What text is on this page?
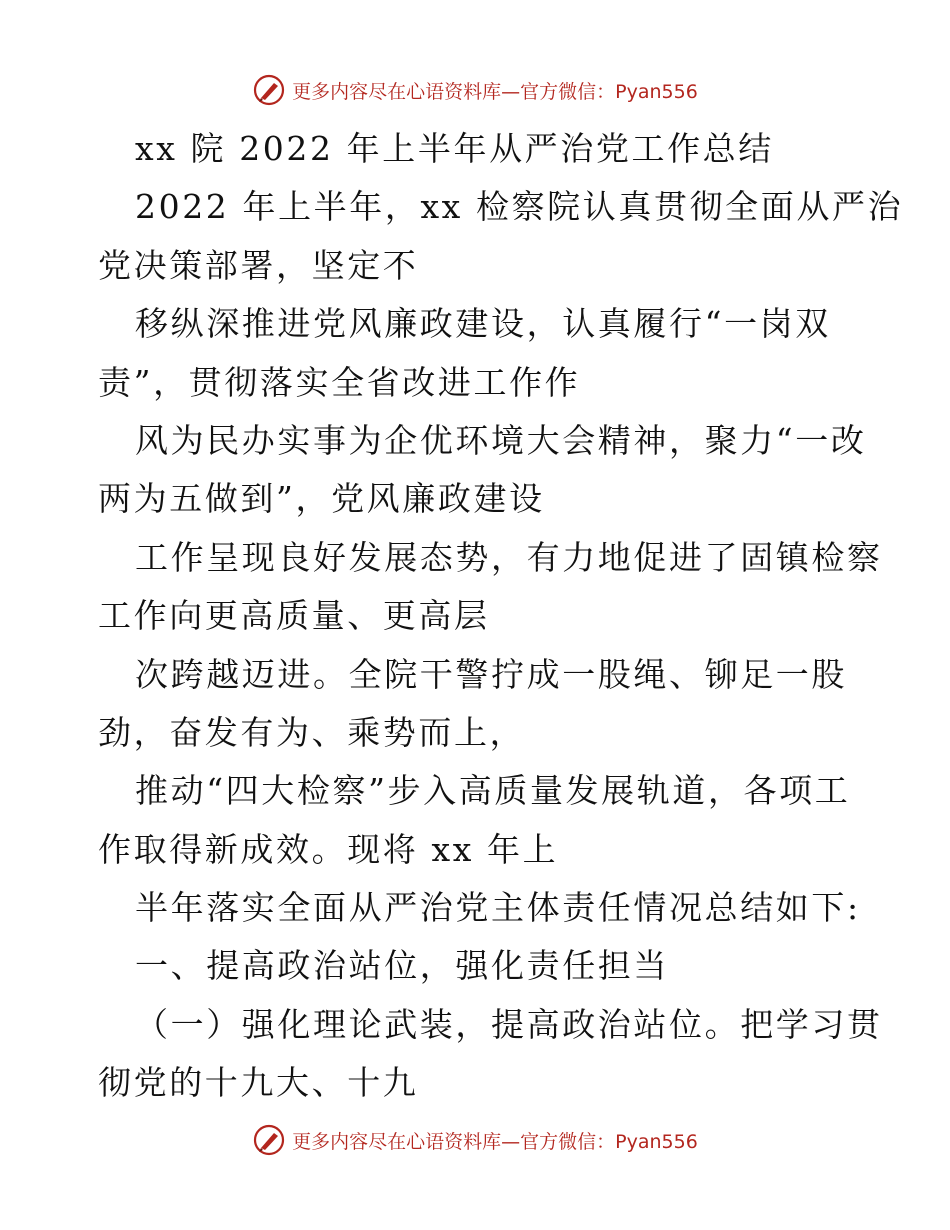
更多内容尽在心语资料库—官方微信：Pyan556
xx 院 2022 年上半年从严治党工作总结
2022 年上半年，xx 检察院认真贯彻全面从严治
党决策部署，坚定不
移纵深推进党风廉政建设，认真履行“一岗双
责”，贯彻落实全省改进工作作
风为民办实事为企优环境大会精神，聚力“一改
两为五做到”，党风廉政建设
工作呈现良好发展态势，有力地促进了固镇检察
工作向更高质量、更高层
次跨越迈进。全院干警拧成一股绳、铆足一股
劲，奋发有为、乘势而上，
推动“四大检察”步入高质量发展轨道，各项工
作取得新成效。现将 xx 年上
半年落实全面从严治党主体责任情况总结如下:
一、提高政治站位，强化责任担当
（一）强化理论武装，提高政治站位。把学习贯
彻党的十九大、十九
更多内容尽在心语资料库—官方微信：Pyan556
